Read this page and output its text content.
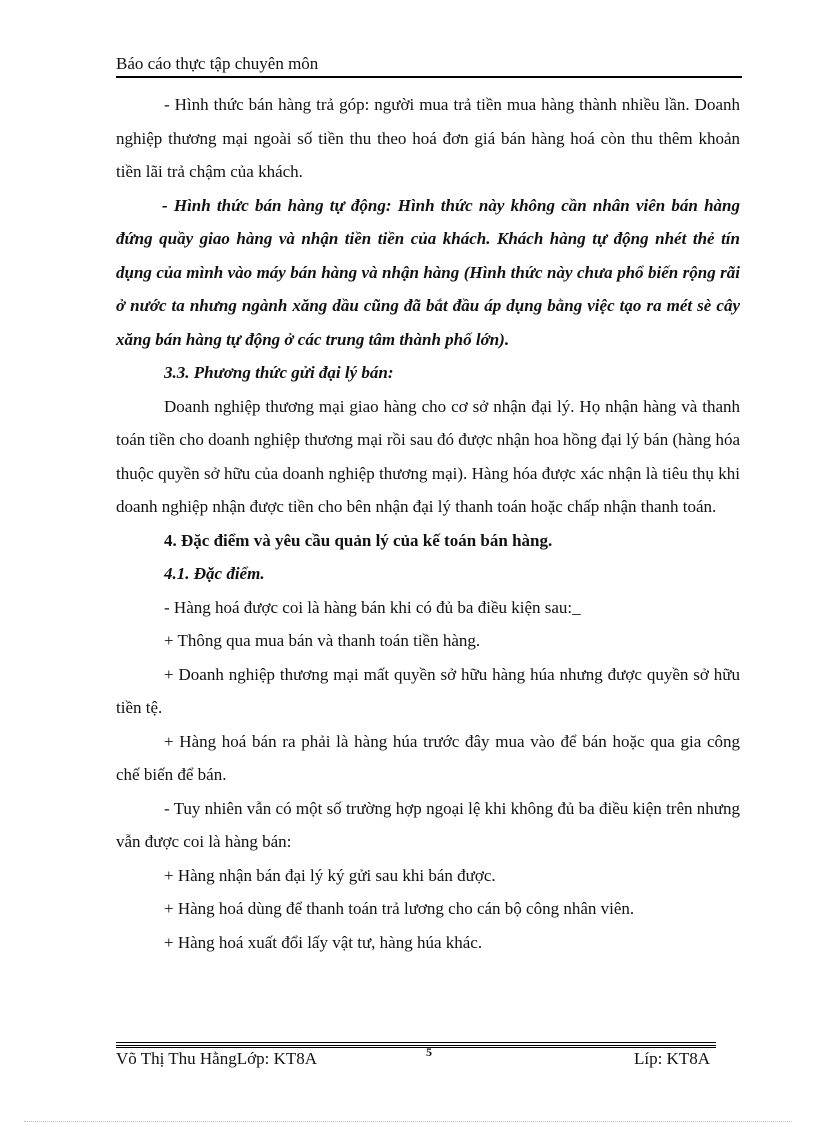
Báo cáo thực tập chuyên môn

- Hình thức bán hàng trả góp: người mua trả tiền mua hàng thành nhiều lần. Doanh nghiệp thương mại ngoài số tiền thu theo hoá đơn giá bán hàng hoá còn thu thêm khoản tiền lãi trả chậm của khách.

- Hình thức bán hàng tự động: Hình thức này không cần nhân viên bán hàng đứng quầy giao hàng và nhận tiền tiền của khách. Khách hàng tự động nhét thẻ tín dụng của mình vào máy bán hàng và nhận hàng (Hình thức này chưa phổ biến rộng rãi ở nước ta nhưng ngành xăng dầu cũng đã bắt đầu áp dụng bằng việc tạo ra mét sè cây xăng bán hàng tự động ở các trung tâm thành phố lớn).

3.3. Phương thức gửi đại lý bán:

Doanh nghiệp thương mại giao hàng cho cơ sở nhận đại lý. Họ nhận hàng và thanh toán tiền cho doanh nghiệp thương mại rồi sau đó được nhận hoa hồng đại lý bán (hàng hóa thuộc quyền sở hữu của doanh nghiệp thương mại). Hàng hóa được xác nhận là tiêu thụ khi doanh nghiệp nhận được tiền cho bên nhận đại lý thanh toán hoặc chấp nhận thanh toán.

4. Đặc điểm và yêu cầu quản lý của kế toán bán hàng.

4.1. Đặc điểm.

- Hàng hoá được coi là hàng bán khi có đủ ba điều kiện sau:_

+ Thông qua mua bán và thanh toán tiền hàng.

+ Doanh nghiệp thương mại mất quyền sở hữu hàng húa nhưng được quyền sở hữu tiền tệ.

+ Hàng hoá bán ra phải là hàng húa trước đây mua vào để bán hoặc qua gia công chế biến để bán.

- Tuy nhiên vẫn có một số trường hợp ngoại lệ khi không đủ ba điều kiện trên nhưng vẫn được coi là hàng bán:

+ Hàng nhận bán đại lý ký gửi sau khi bán được.

+ Hàng hoá dùng để thanh toán trả lương cho cán bộ công nhân viên.

+ Hàng hoá xuất đổi lấy vật tư, hàng húa khác.

Võ Thị Thu HằngLớp: KT8A	5	Líp: KT8A
